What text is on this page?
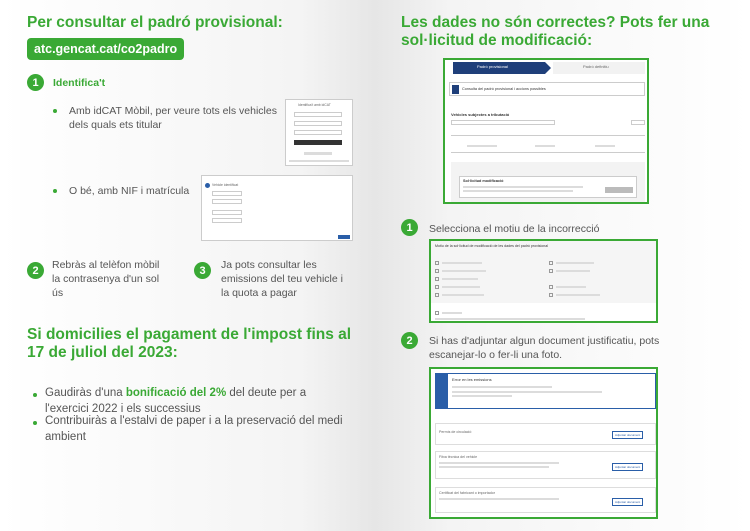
Per consultar el padró provisional:
atc.gencat.cat/co2padro
1	Identifica't
Amb idCAT Mòbil, per veure tots els vehicles dels quals ets titular
Identifica't amb idCAT
O bé, amb NIF i matrícula	Vehicle identificat
2	Rebràs al telèfon mòbil la contrasenya d'un sol ús
3	Ja pots consultar les emissions del teu vehicle i la quota a pagar
Si domicilies el pagament de l'impost fins al 17 de juliol del 2023:
Gaudiràs d'una bonificació del 2% del deute per a l'exercici 2022 i els successius
Contribuiràs a l'estalvi de paper i a la preservació del medi ambient
Les dades no són correctes? Pots fer una sol·licitud de modificació:
Padró provisional	Padró definitiu
Consulta del padró provisional i accions possibles
Vehicles subjectes a tributació
Sol·licitud modificació
1	Selecciona el motiu de la incorrecció
Motiu de la sol·licitud de modificació de les dades del padró provisional
2	Si has d'adjuntar algun document justificatiu, pots escanejar-lo o fer-li una foto.
Error en les emissions
Permís de circulació
Adjuntar document
Fitxa tècnica del vehicle
Adjuntar document
Certificat del fabricant o importador
Adjuntar document
